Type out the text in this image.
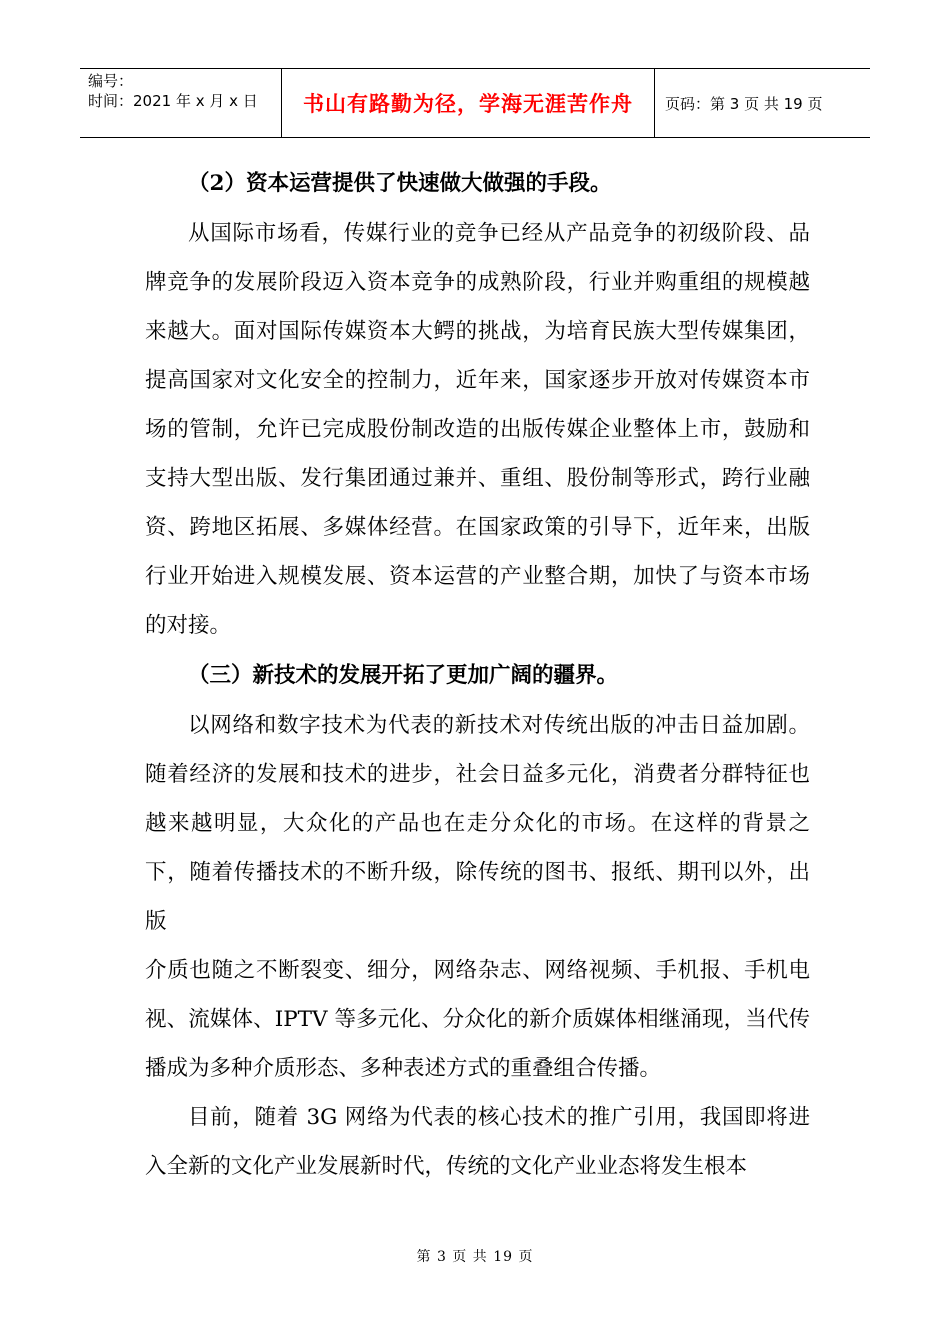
编号：
时间：2021 年 x 月 x 日	书山有路勤为径，学海无涯苦作舟	页码：第 3 页 共 19 页

（2）资本运营提供了快速做大做强的手段。

从国际市场看，传媒行业的竞争已经从产品竞争的初级阶段、品牌竞争的发展阶段迈入资本竞争的成熟阶段，行业并购重组的规模越来越大。面对国际传媒资本大鳄的挑战，为培育民族大型传媒集团，提高国家对文化安全的控制力，近年来，国家逐步开放对传媒资本市场的管制，允许已完成股份制改造的出版传媒企业整体上市，鼓励和支持大型出版、发行集团通过兼并、重组、股份制等形式，跨行业融资、跨地区拓展、多媒体经营。在国家政策的引导下，近年来，出版行业开始进入规模发展、资本运营的产业整合期，加快了与资本市场的对接。

（三）新技术的发展开拓了更加广阔的疆界。

以网络和数字技术为代表的新技术对传统出版的冲击日益加剧。随着经济的发展和技术的进步，社会日益多元化，消费者分群特征也越来越明显，大众化的产品也在走分众化的市场。在这样的背景之下，随着传播技术的不断升级，除传统的图书、报纸、期刊以外，出版

介质也随之不断裂变、细分，网络杂志、网络视频、手机报、手机电视、流媒体、IPTV 等多元化、分众化的新介质媒体相继涌现，当代传播成为多种介质形态、多种表述方式的重叠组合传播。

目前，随着 3G 网络为代表的核心技术的推广引用，我国即将进入全新的文化产业发展新时代，传统的文化产业业态将发生根本

第 3 页 共 19 页
